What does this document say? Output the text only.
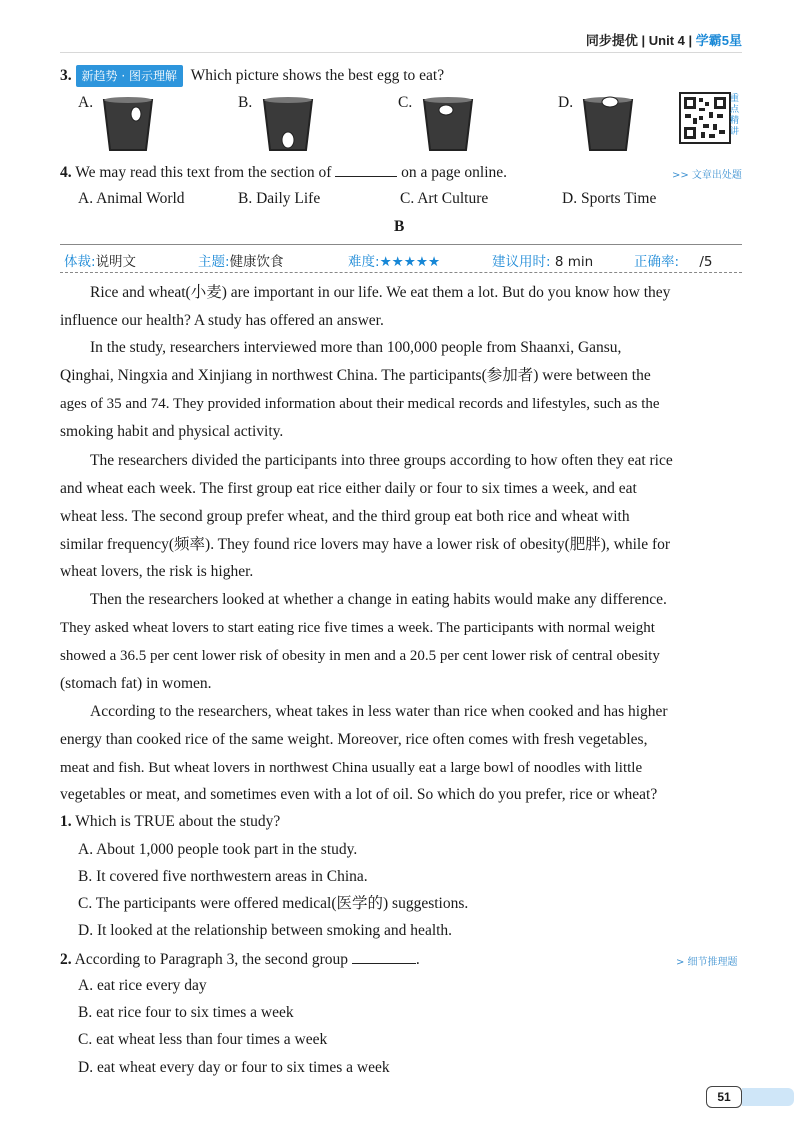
同步提优 | Unit 4 | 学霸5星
3. 新趋势 · 图示理解 Which picture shows the best egg to eat?
A.	B.	C.	D.	重点精讲
4. We may read this text from the section of	on a page online.	>> 文章出处题
A. Animal World	B. Daily Life	C. Art Culture	D. Sports Time
B
体裁:说明文	主题:健康饮食	难度:★★★★★	建议用时: 8 min	正确率: /5
Rice and wheat(小麦) are important in our life. We eat them a lot. But do you know how they
influence our health? A study has offered an answer.
In the study, researchers interviewed more than 100,000 people from Shaanxi, Gansu,
Qinghai, Ningxia and Xinjiang in northwest China. The participants(参加者) were between the
ages of 35 and 74. They provided information about their medical records and lifestyles, such as the
smoking habit and physical activity.
The researchers divided the participants into three groups according to how often they eat rice
and wheat each week. The first group eat rice either daily or four to six times a week, and eat
wheat less. The second group prefer wheat, and the third group eat both rice and wheat with
similar frequency(频率). They found rice lovers may have a lower risk of obesity(肥胖), while for
wheat lovers, the risk is higher.
Then the researchers looked at whether a change in eating habits would make any difference.
They asked wheat lovers to start eating rice five times a week. The participants with normal weight
showed a 36.5 per cent lower risk of obesity in men and a 20.5 per cent lower risk of central obesity
(stomach fat) in women.
According to the researchers, wheat takes in less water than rice when cooked and has higher
energy than cooked rice of the same weight. Moreover, rice often comes with fresh vegetables,
meat and fish. But wheat lovers in northwest China usually eat a large bowl of noodles with little
vegetables or meat, and sometimes even with a lot of oil. So which do you prefer, rice or wheat?
1. Which is TRUE about the study?
A. About 1,000 people took part in the study.
B. It covered five northwestern areas in China.
C. The participants were offered medical(医学的) suggestions.
D. It looked at the relationship between smoking and health.
2. According to Paragraph 3, the second group	.	> 细节推理题
A. eat rice every day
B. eat rice four to six times a week
C. eat wheat less than four times a week
D. eat wheat every day or four to six times a week
51
